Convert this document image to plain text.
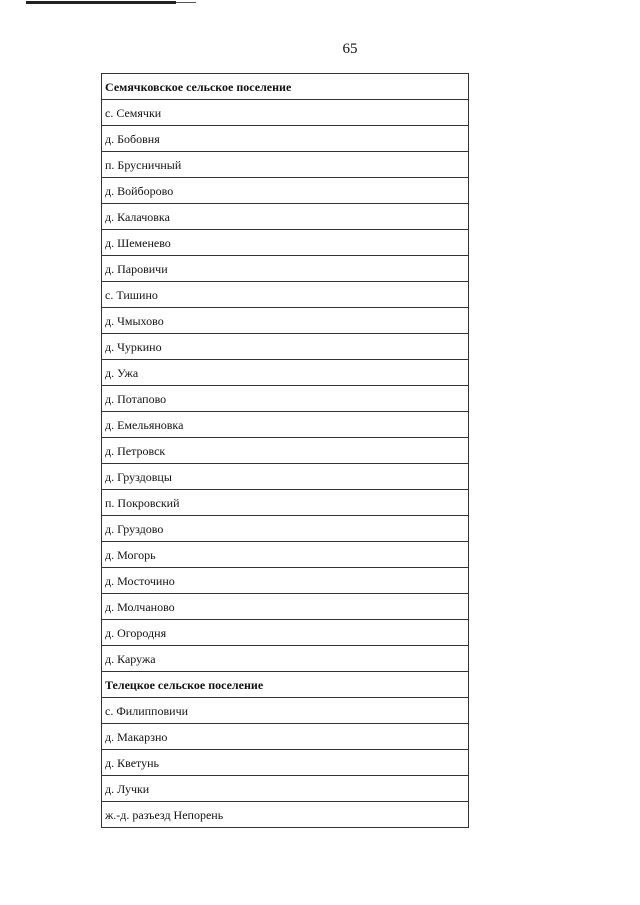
65
Семячковское сельское поселение
с. Семячки
д. Бобовня
п. Брусничный
д. Войборово
д. Калачовка
д. Шеменево
д. Паровичи
с. Тишино
д. Чмыхово
д. Чуркино
д. Ужа
д. Потапово
д. Емельяновка
д. Петровск
д. Груздовцы
п. Покровский
д. Груздово
д. Могорь
д. Мосточино
д. Молчаново
д. Огородня
д. Каружа
Телецкое сельское поселение
с. Филипповичи
д. Макарзно
д. Кветунь
д. Лучки
ж.-д. разъезд Непорень
